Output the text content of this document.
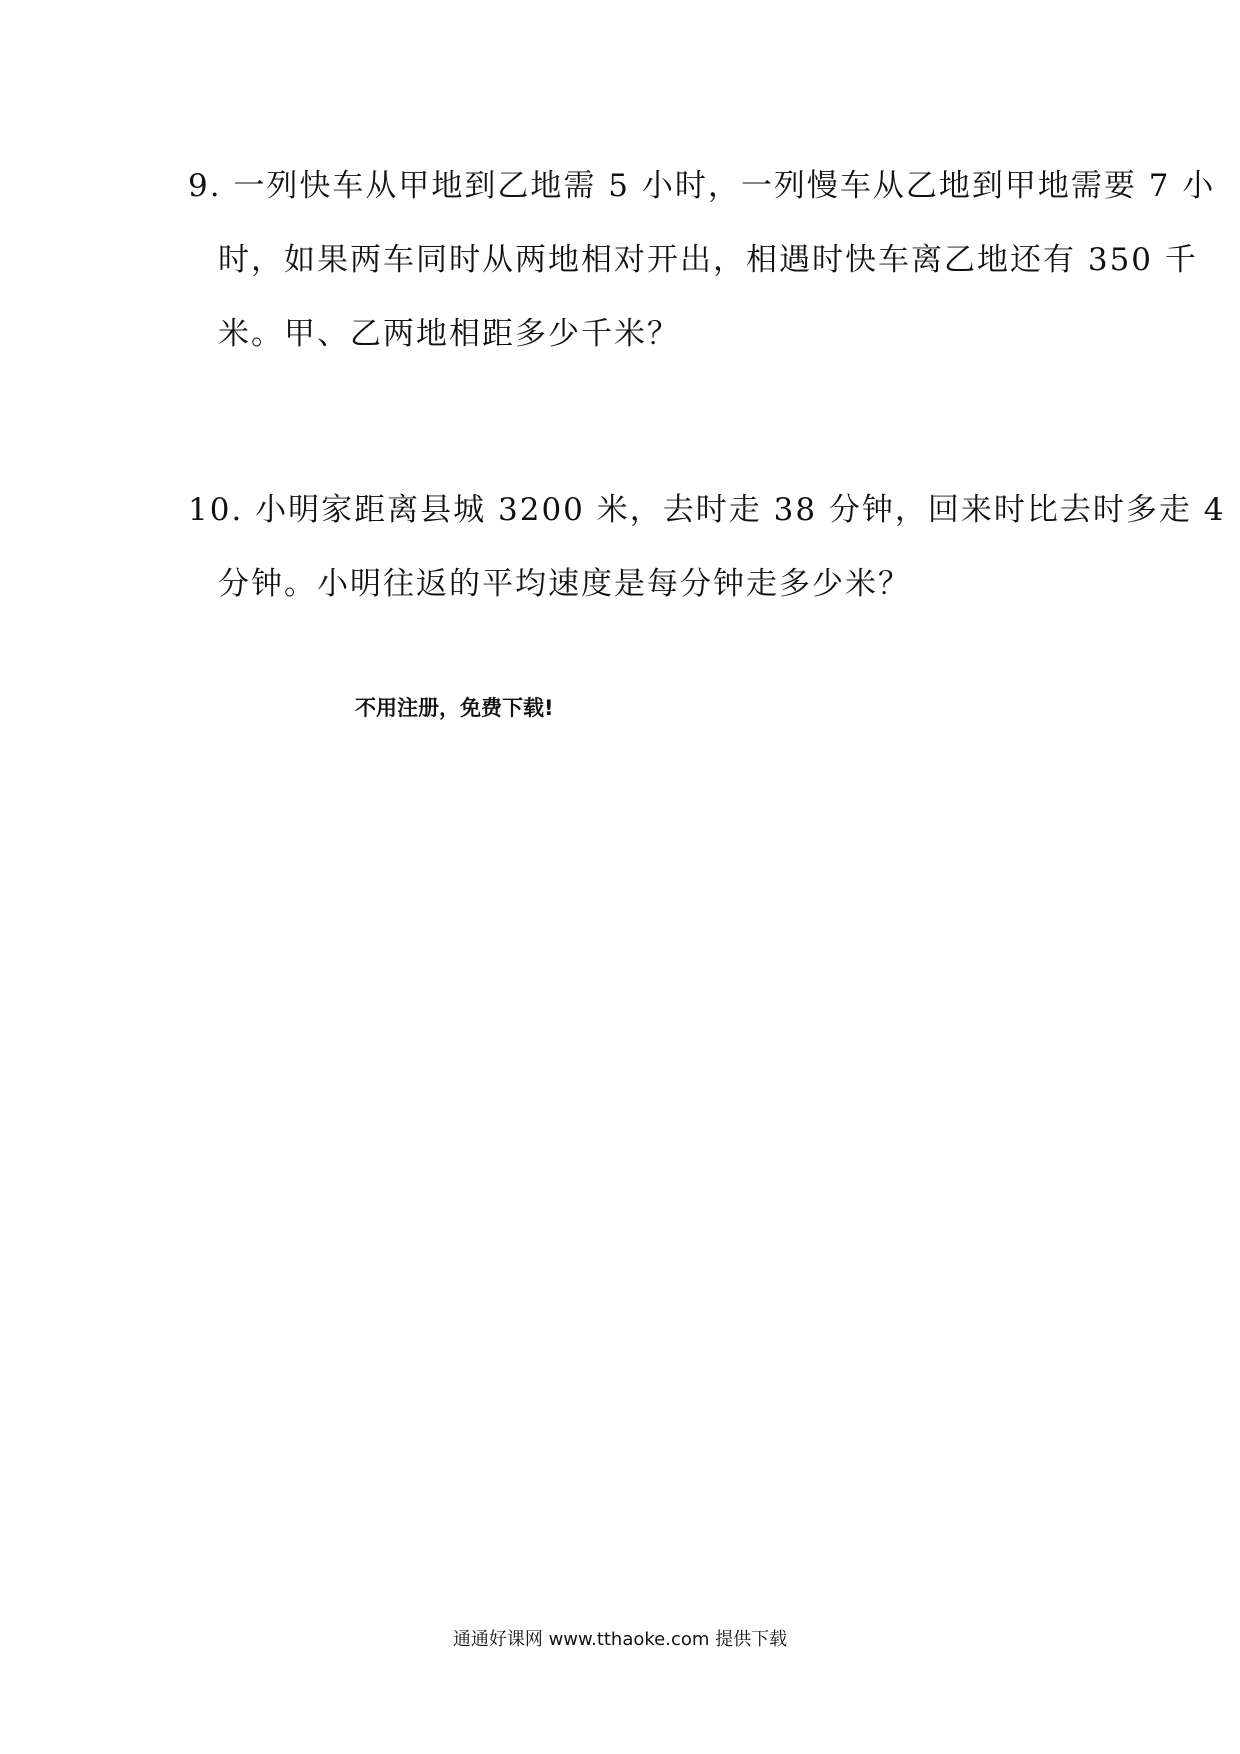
9. 一列快车从甲地到乙地需 5 小时，一列慢车从乙地到甲地需要 7 小
时，如果两车同时从两地相对开出，相遇时快车离乙地还有 350 千
米。甲、乙两地相距多少千米？
10. 小明家距离县城 3200 米，去时走 38 分钟，回来时比去时多走 4
分钟。小明往返的平均速度是每分钟走多少米？
不用注册，免费下载!
通通好课网 www.tthaoke.com 提供下载
